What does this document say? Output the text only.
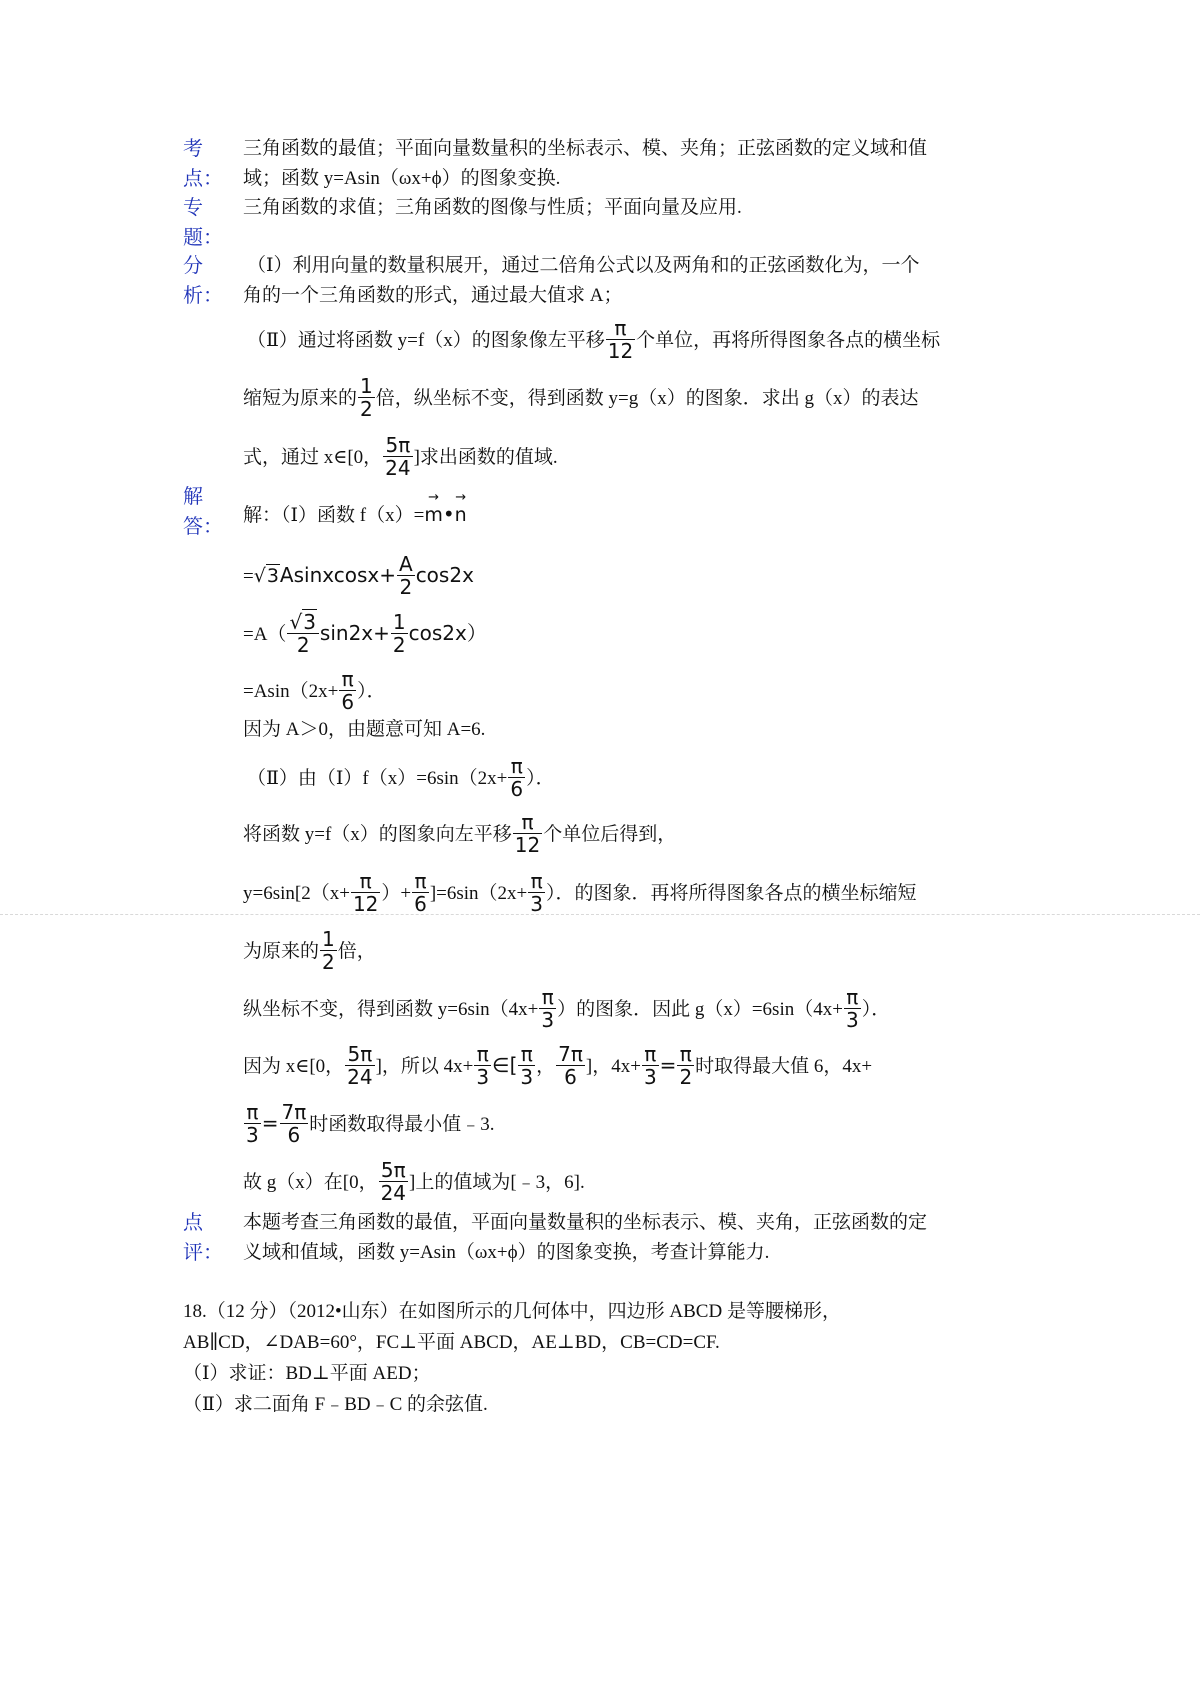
考
点：
三角函数的最值；平面向量数量积的坐标表示、模、夹角；正弦函数的定义域和值
域；函数 y=Asin（ωx+ϕ）的图象变换.
专
题：
三角函数的求值；三角函数的图像与性质；平面向量及应用.
分
析：
（Ⅰ）利用向量的数量积展开，通过二倍角公式以及两角和的正弦函数化为，一个
角的一个三角函数的形式，通过最大值求 A；
（Ⅱ）通过将函数 y=f（x）的图象像左平移 $\frac{\pi}{12}$ 个单位，再将所得图象各点的横坐标
缩短为原来的 $\frac{1}{2}$ 倍，纵坐标不变，得到函数 y=g（x）的图象．求出 g（x）的表达
式，通过 x∈[0， $\frac{5\pi}{24}$ ]求出函数的值域.
解
答：
解：（Ⅰ）函数 f（x）=→ m•→ n
=√3Asinxcosx+ $\frac{A}{2} \cos 2x$
$=A( \frac{√3}{2} \sin 2x+ \frac{1}{2} \cos 2x)$
$=Asin(2x+ \frac{\pi}{6}$ ）．
因为 A＞0，由题意可知 A=6.
（Ⅱ）由（Ⅰ）f（x）=6sin（2x+ $\frac{\pi}{6}$ ）．
将函数 y=f（x）的图象向左平移 $\frac{\pi}{12}$ 个单位后得到，
$y=6\sin[2(x+ \frac{\pi}{12}$ ）+ $\frac{\pi}{6} ]=6\sin(2x+ \frac{\pi}{3}$ ）．的图象．再将所得图象各点的横坐标缩短
为原来的 $\frac{1}{2}$ 倍，
纵坐标不变，得到函数 $y=6\sin(4x+ \frac{\pi}{3}$ ）的图象．因此 $g(x)=6\sin(4x+ \frac{\pi}{3}$ ）．
因为 x∈[0， $\frac{5\pi}{24}$ ]，所以 $4x+ \frac{\pi}{3}$ ∈[ $\frac{\pi}{3}$ ， $\frac{7\pi}{6}$ ]，$4x+ \frac{\pi}{3} = \frac{\pi}{2}$ 时取得最大值 6，4x+
$\frac{\pi}{3} = \frac{7\pi}{6}$ 时函数取得最小值﹣3.
故 g（x）在[0， $\frac{5\pi}{24}$ ]上的值域为[﹣3，6].
点
评：
本题考查三角函数的最值，平面向量数量积的坐标表示、模、夹角，正弦函数的定
义域和值域，函数 y=Asin（ωx+ϕ）的图象变换，考查计算能力.
18.（12 分）（2012•山东）在如图所示的几何体中，四边形 ABCD 是等腰梯形，
AB∥CD，∠DAB=60°，FC⊥平面 ABCD，AE⊥BD，CB=CD=CF.
（Ⅰ）求证：BD⊥平面 AED；
（Ⅱ）求二面角 F﹣BD﹣C 的余弦值.
